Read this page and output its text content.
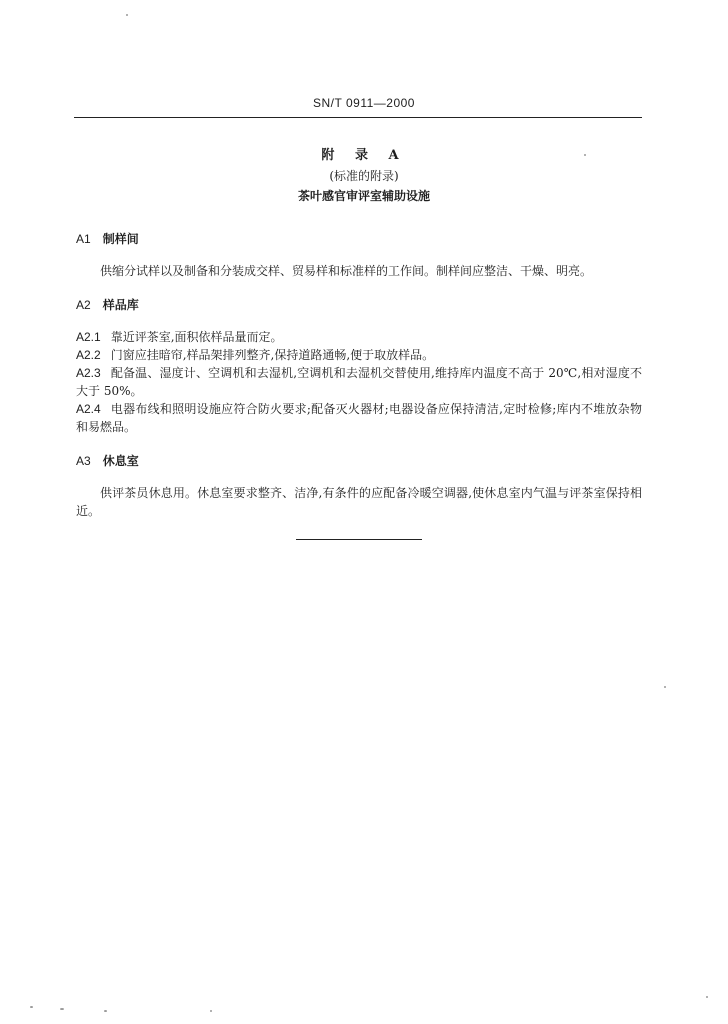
SN/T 0911—2000
附 录 A
(标准的附录)
茶叶感官审评室辅助设施

A1 制样间

供缩分试样以及制备和分装成交样、贸易样和标准样的工作间。制样间应整洁、干燥、明亮。

A2 样品库

A2.1 靠近评茶室,面积依样品量而定。

A2.2 门窗应挂暗帘,样品架排列整齐,保持道路通畅,便于取放样品。

A2.3 配备温、湿度计、空调机和去湿机,空调机和去湿机交替使用,维持库内温度不高于 20℃,相对湿度不大于 50%。

A2.4 电器布线和照明设施应符合防火要求;配备灭火器材;电器设备应保持清洁,定时检修;库内不堆放杂物和易燃品。

A3 休息室

供评茶员休息用。休息室要求整齐、洁净,有条件的应配备冷暖空调器,使休息室内气温与评茶室保持相近。
